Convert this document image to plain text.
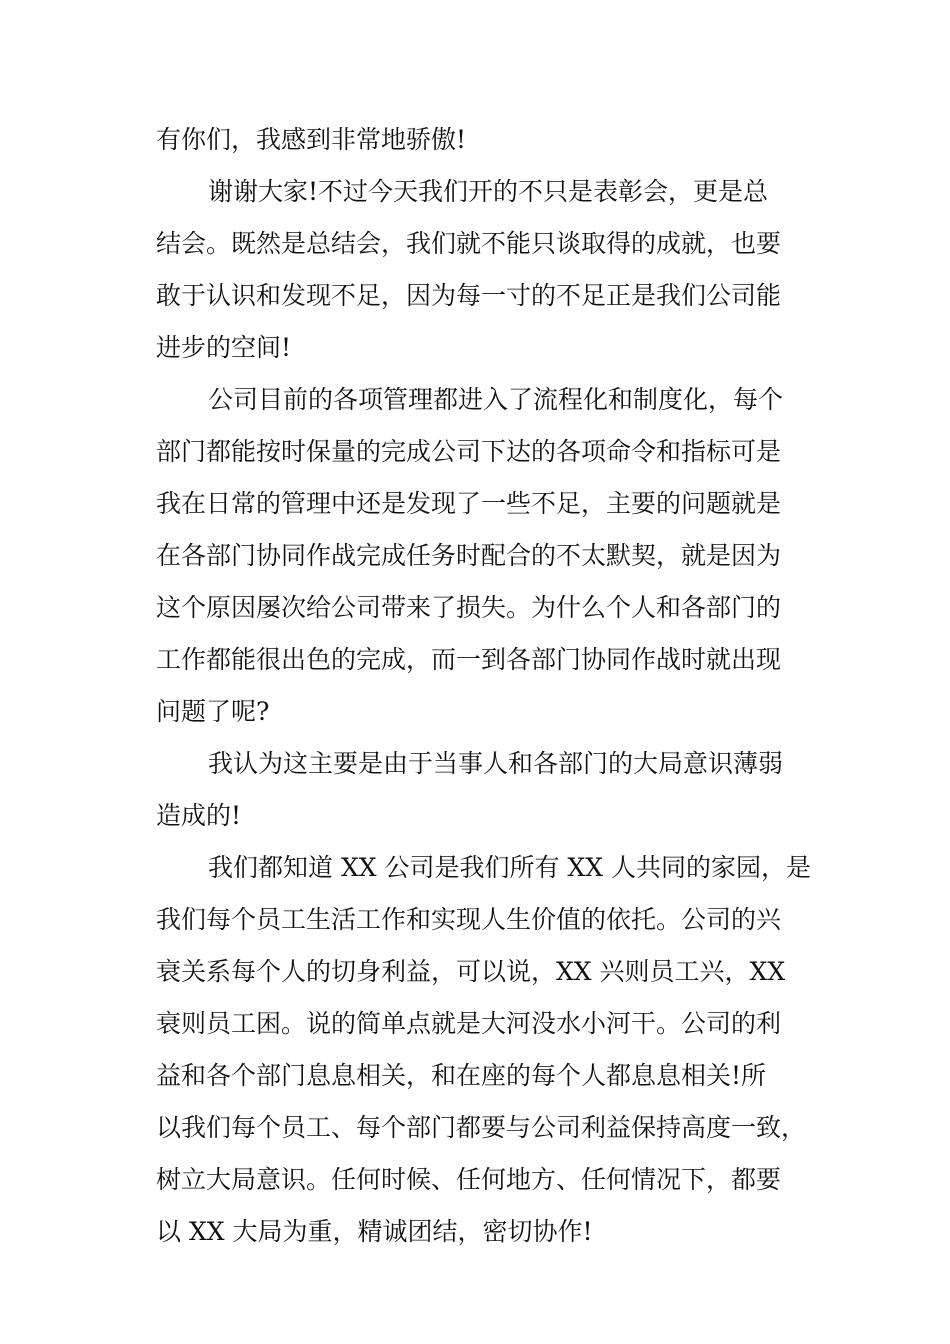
有你们，我感到非常地骄傲!
谢谢大家!不过今天我们开的不只是表彰会，更是总
结会。既然是总结会，我们就不能只谈取得的成就，也要
敢于认识和发现不足，因为每一寸的不足正是我们公司能
进步的空间!
公司目前的各项管理都进入了流程化和制度化，每个
部门都能按时保量的完成公司下达的各项命令和指标可是
我在日常的管理中还是发现了一些不足，主要的问题就是
在各部门协同作战完成任务时配合的不太默契，就是因为
这个原因屡次给公司带来了损失。为什么个人和各部门的
工作都能很出色的完成，而一到各部门协同作战时就出现
问题了呢?
我认为这主要是由于当事人和各部门的大局意识薄弱
造成的!
我们都知道 XX 公司是我们所有 XX 人共同的家园，是
我们每个员工生活工作和实现人生价值的依托。公司的兴
衰关系每个人的切身利益，可以说，XX 兴则员工兴，XX
衰则员工困。说的简单点就是大河没水小河干。公司的利
益和各个部门息息相关，和在座的每个人都息息相关!所
以我们每个员工、每个部门都要与公司利益保持高度一致，
树立大局意识。任何时候、任何地方、任何情况下，都要
以 XX 大局为重，精诚团结，密切协作!
